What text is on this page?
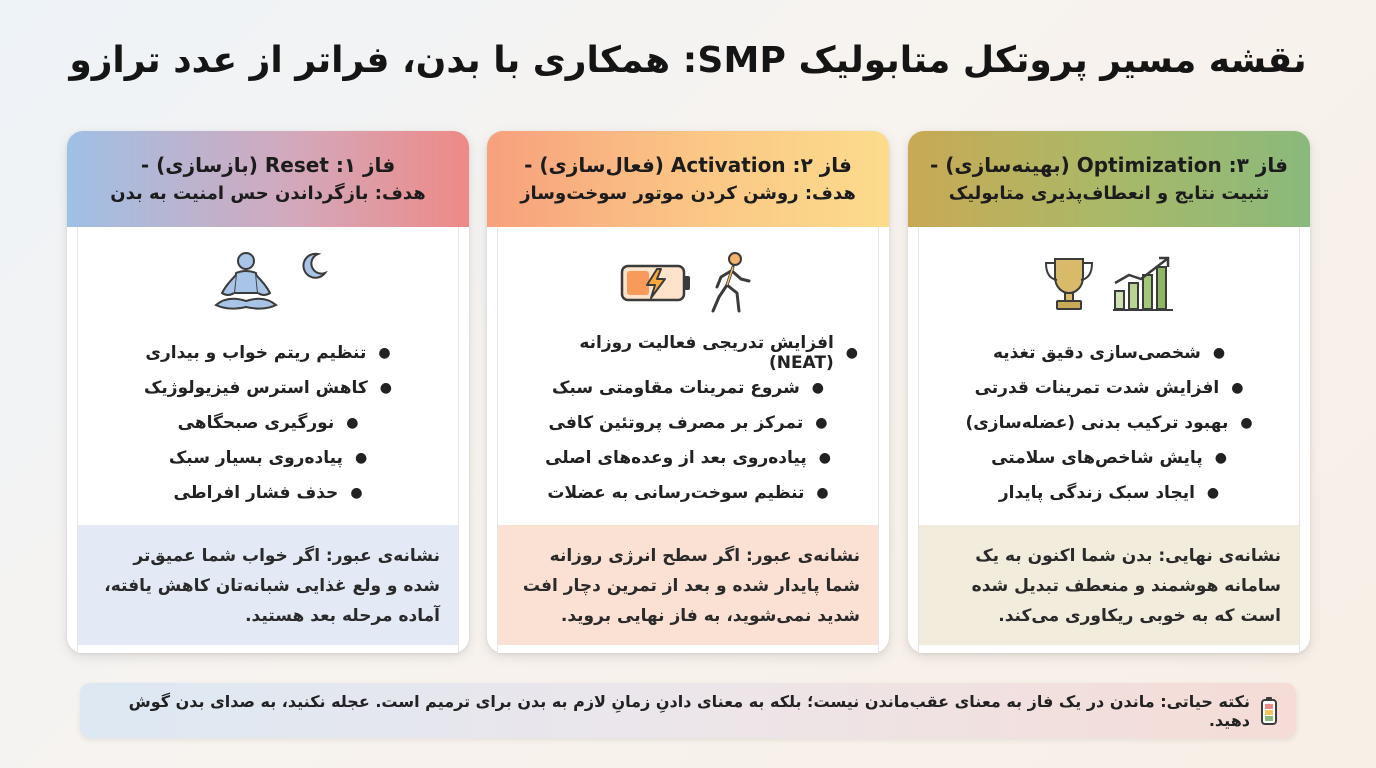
نقشه مسیر پروتکل متابولیک SMP: همکاری با بدن، فراتر از عدد ترازو
فاز ۳: Optimization (بهینه‌سازی) -
تثبیت نتایج و انعطاف‌پذیری متابولیک
●
شخصی‌سازی دقیق تغذیه
●
افزایش شدت تمرینات قدرتی
●
بهبود ترکیب بدنی (عضله‌سازی)
●
پایش شاخص‌های سلامتی
●
ایجاد سبک زندگی پایدار
نشانه‌ی نهایی: بدن شما اکنون به یک سامانه هوشمند و منعطف تبدیل شده است که به خوبی ریکاوری می‌کند.
فاز ۲: Activation (فعال‌سازی) -
هدف: روشن کردن موتور سوخت‌وساز
●
افزایش تدریجی فعالیت روزانه (NEAT)
●
شروع تمرینات مقاومتی سبک
●
تمرکز بر مصرف پروتئین کافی
●
پیاده‌روی بعد از وعده‌های اصلی
●
تنظیم سوخت‌رسانی به عضلات
نشانه‌ی عبور: اگر سطح انرژی روزانه شما پایدار شده و بعد از تمرین دچار افت شدید نمی‌شوید، به فاز نهایی بروید.
فاز ۱: Reset (بازسازی) -
هدف: بازگرداندن حس امنیت به بدن
●
تنظیم ریتم خواب و بیداری
●
کاهش استرس فیزیولوژیک
●
نورگیری صبحگاهی
●
پیاده‌روی بسیار سبک
●
حذف فشار افراطی
نشانه‌ی عبور: اگر خواب شما عمیق‌تر شده و ولع غذایی شبانه‌تان کاهش یافته، آماده مرحله بعد هستید.
نکته حیاتی: ماندن در یک فاز به معنای عقب‌ماندن نیست؛ بلکه به معنای دادنِ زمانِ لازم به بدن برای ترمیم است. عجله نکنید، به صدای بدن گوش دهید.
